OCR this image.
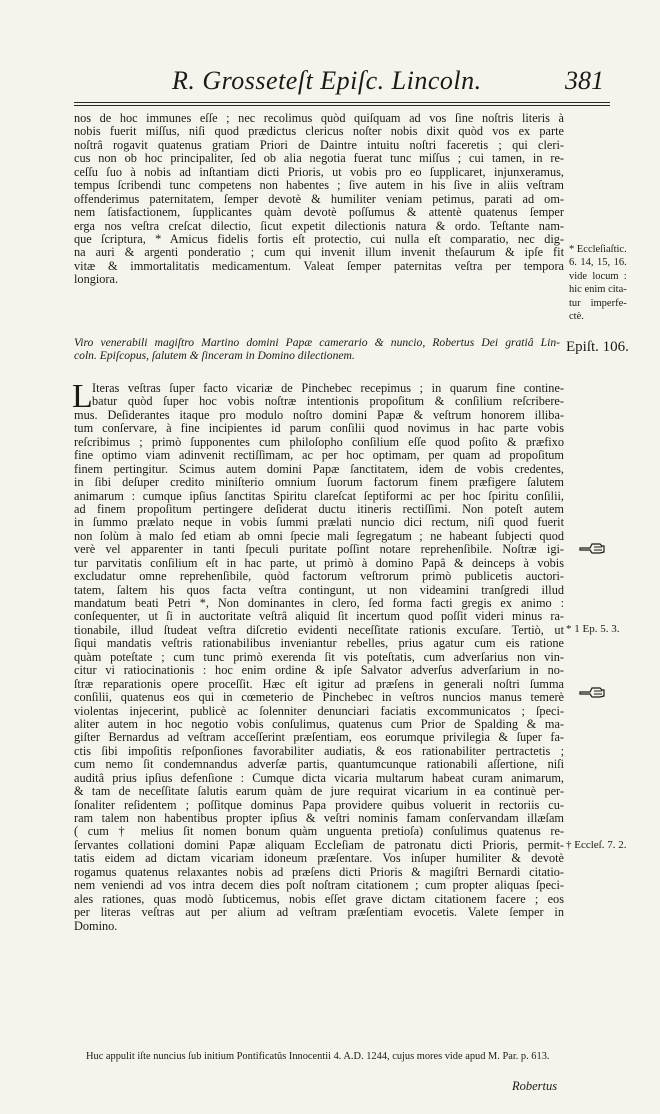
R. Grosseteſt Epiſc. Lincoln.	381
nos de hoc immunes eſſe ; nec recolimus quòd quiſquam ad vos ſine noſtris literis à
nobis fuerit miſſus, niſi quod prædictus clericus noſter nobis dixit quòd vos ex parte
noſtrâ rogavit quatenus gratiam Priori de Daintre intuitu noſtri faceretis ; qui cleri-
cus non ob hoc principaliter, ſed ob alia negotia fuerat tunc miſſus ; cui tamen, in re-
ceſſu ſuo à nobis ad inſtantiam dicti Prioris, ut vobis pro eo ſupplicaret, injunxeramus,
tempus ſcribendi tunc competens non habentes ; ſive autem in his ſive in aliis veſtram
offenderimus paternitatem, ſemper devotè & humiliter veniam petimus, parati ad om-
nem ſatisfactionem, ſupplicantes quàm devotè poſſumus & attentè quatenus ſemper
erga nos veſtra creſcat dilectio, ſicut expetit dilectionis natura & ordo. Teſtante nam-
que ſcriptura, * Amicus fidelis fortis eſt protectio, cui nulla eſt comparatio, nec dig-
na auri & argenti ponderatio ; cum qui invenit illum invenit theſaurum & ipſe fit
vitæ & immortalitatis medicamentum. Valeat ſemper paternitas veſtra per tempora
longiora.
* Eccleſiaſtic.
6. 14, 15, 16.
vide locum :
hic enim cita-
tur imperfe-
ctè.
Viro venerabili magiſtro Martino domini Papæ camerario & nuncio, Robertus Dei gratiâ Lin-
coln. Epiſcopus, ſalutem & ſinceram in Domino dilectionem.
Epiſt. 106.
L Iteras veſtras ſuper facto vicariæ de Pinchebec recepimus ; in quarum fine contine-
batur quòd ſuper hoc vobis noſtræ intentionis propoſitum & conſilium reſcribere-
mus. Deſiderantes itaque pro modulo noſtro domini Papæ & veſtrum honorem illiba-
tum conſervare, à fine incipientes id parum conſilii quod novimus in hac parte vobis
reſcribimus ; primò ſupponentes cum philoſopho conſilium eſſe quod poſito & præfixo
fine optimo viam adinvenit rectiſſimam, ac per hoc optimam, per quam ad propoſitum
finem pertingitur. Scimus autem domini Papæ ſanctitatem, idem de vobis credentes,
in ſibi deſuper credito miniſterio omnium ſuorum factorum finem præfigere ſalutem
animarum : cumque ipſius ſanctitas Spiritu clareſcat ſeptiformi ac per hoc ſpiritu conſilii,
ad finem propoſitum pertingere deſiderat ductu itineris rectiſſimi. Non poteſt autem
in ſummo prælato neque in vobis ſummi prælati nuncio dici rectum, niſi quod fuerit
non ſolùm à malo ſed etiam ab omni ſpecie mali ſegregatum ; ne habeant ſubjecti quod
verè vel apparenter in tanti ſpeculi puritate poſſint notare reprehenſibile. Noſtræ igi-
tur parvitatis conſilium eſt in hac parte, ut primò à domino Papâ & deinceps à vobis
excludatur omne reprehenſibile, quòd factorum veſtrorum primò publicetis auctori-
tatem, ſaltem his quos facta veſtra contingunt, ut non videamini tranſgredi illud
mandatum beati Petri *, Non dominantes in clero, ſed forma facti gregis ex animo :
conſequenter, ut ſi in auctoritate veſtrâ aliquid ſit incertum quod poſſit videri minus ra-
tionabile, illud ſtudeat veſtra diſcretio evidenti neceſſitate rationis excuſare. Tertiò, ut
ſiqui mandatis veſtris rationabilibus inveniantur rebelles, prius agatur cum eis ratione
quàm poteſtate ; cum tunc primò exerenda ſit vis poteſtatis, cum adverſarius non vin-
citur vi ratiocinationis : hoc enim ordine & ipſe Salvator adverſus adverſarium in no-
ſtræ reparationis opere proceſſit. Hæc eſt igitur ad præſens in generali noſtri ſumma
conſilii, quatenus eos qui in cœmeterio de Pinchebec in veſtros nuncios manus temerè
violentas injecerint, publicè ac ſolenniter denunciari faciatis excommunicatos ; ſpeci-
aliter autem in hoc negotio vobis conſulimus, quatenus cum Prior de Spalding & ma-
giſter Bernardus ad veſtram acceſſerint præſentiam, eos eorumque privilegia & ſuper fa-
ctis ſibi impoſitis reſponſiones favorabiliter audiatis, & eos rationabiliter pertractetis ;
cum nemo ſit condemnandus adverſæ partis, quantumcunque rationabili aſſertione, niſi
auditâ prius ipſius defenſione : Cumque dicta vicaria multarum habeat curam animarum,
& tam de neceſſitate ſalutis earum quàm de jure requirat vicarium in ea continuè per-
ſonaliter reſidentem ; poſſitque dominus Papa providere quibus voluerit in rectoriis cu-
ram talem non habentibus propter ipſius & veſtri nominis famam conſervandam illæſam
( cum † melius ſit nomen bonum quàm unguenta pretioſa) conſulimus quatenus re-
ſervantes collationi domini Papæ aliquam Eccleſiam de patronatu dicti Prioris, permit-
tatis eidem ad dictam vicariam idoneum præſentare. Vos inſuper humiliter & devotè
rogamus quatenus relaxantes nobis ad præſens dicti Prioris & magiſtri Bernardi citatio-
nem veniendi ad vos intra decem dies poſt noſtram citationem ; cum propter aliquas ſpeci-
ales rationes, quas modò ſubticemus, nobis eſſet grave dictam citationem facere ; eos
per literas veſtras aut per alium ad veſtram præſentiam evocetis. Valete ſemper in
Domino.
* 1 Ep. 5. 3.
† Eccleſ. 7. 2.
Huc appulit iſte nuncius ſub initium Pontificatûs Innocentii 4. A.D. 1244, cujus mores vide apud M. Par. p. 613.
Robertus
